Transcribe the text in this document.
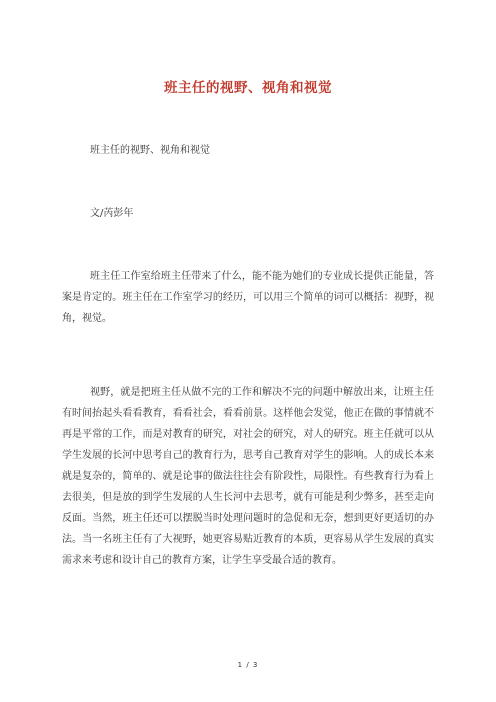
班主任的视野、视角和视觉
班主任的视野、视角和视觉
文/芮彭年
班主任工作室给班主任带来了什么，能不能为她们的专业成长提供正能量，答案是肯定的。班主任在工作室学习的经历，可以用三个简单的词可以概括：视野，视角，视觉。
视野，就是把班主任从做不完的工作和解决不完的问题中解放出来，让班主任有时间抬起头看看教育，看看社会，看看前景。这样他会发觉，他正在做的事情就不再是平常的工作，而是对教育的研究，对社会的研究，对人的研究。班主任就可以从学生发展的长河中思考自己的教育行为，思考自己教育对学生的影响。人的成长本来就是复杂的，简单的、就是论事的做法往往会有阶段性，局限性。有些教育行为看上去很美，但是放的到学生发展的人生长河中去思考，就有可能是利少弊多，甚至走向反面。当然，班主任还可以摆脱当时处理问题时的急促和无奈，想到更好更适切的办法。当一名班主任有了大视野，她更容易贴近教育的本质，更容易从学生发展的真实需求来考虑和设计自己的教育方案，让学生享受最合适的教育。
1 / 3
